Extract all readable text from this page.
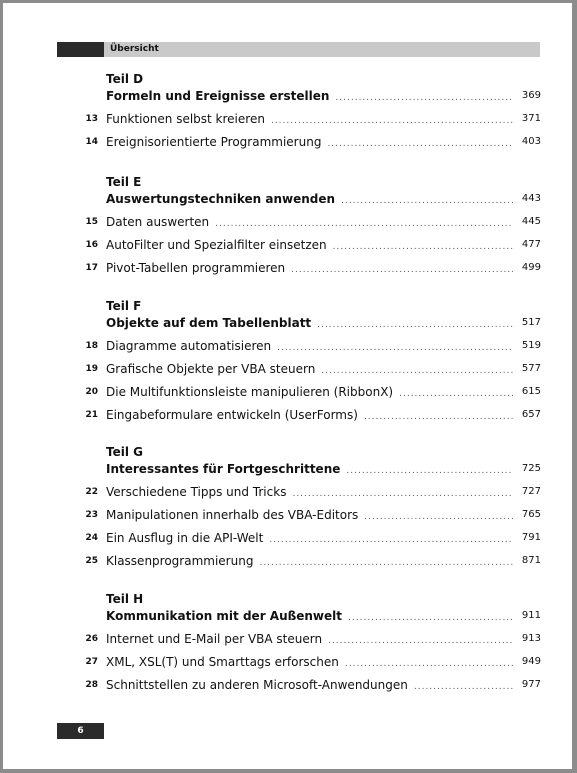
Übersicht
Teil D
Formeln und Ereignisse erstellen .....	369
13 Funktionen selbst kreieren .....	371
14 Ereignisorientierte Programmierung .....	403
Teil E
Auswertungstechniken anwenden .....	443
15 Daten auswerten .....	445
16 AutoFilter und Spezialfilter einsetzen .....	477
17 Pivot-Tabellen programmieren .....	499
Teil F
Objekte auf dem Tabellenblatt .....	517
18 Diagramme automatisieren .....	519
19 Grafische Objekte per VBA steuern .....	577
20 Die Multifunktionsleiste manipulieren (RibbonX) .....	615
21 Eingabeformulare entwickeln (UserForms) .....	657
Teil G
Interessantes für Fortgeschrittene .....	725
22 Verschiedene Tipps und Tricks .....	727
23 Manipulationen innerhalb des VBA-Editors .....	765
24 Ein Ausflug in die API-Welt .....	791
25 Klassenprogrammierung .....	871
Teil H
Kommunikation mit der Außenwelt .....	911
26 Internet und E-Mail per VBA steuern .....	913
27 XML, XSL(T) und Smarttags erforschen .....	949
28 Schnittstellen zu anderen Microsoft-Anwendungen .....	977
6
